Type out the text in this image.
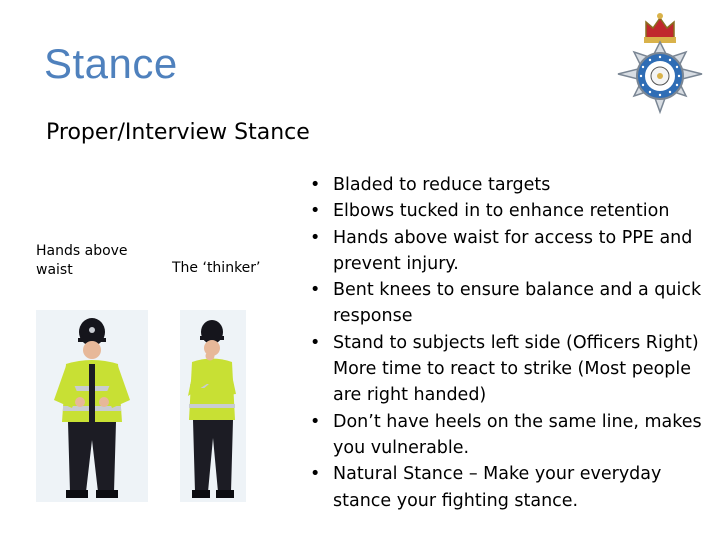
Stance
Proper/Interview Stance
Hands above waist	The ‘thinker’
• Bladed to reduce targets
• Elbows tucked in to enhance retention
• Hands above waist for access to PPE and prevent injury.
• Bent knees to ensure balance and a quick response
• Stand to subjects left side (Officers Right) More time to react to strike (Most people are right handed)
• Don’t have heels on the same line, makes you vulnerable.
• Natural Stance – Make your everyday stance your fighting stance.
